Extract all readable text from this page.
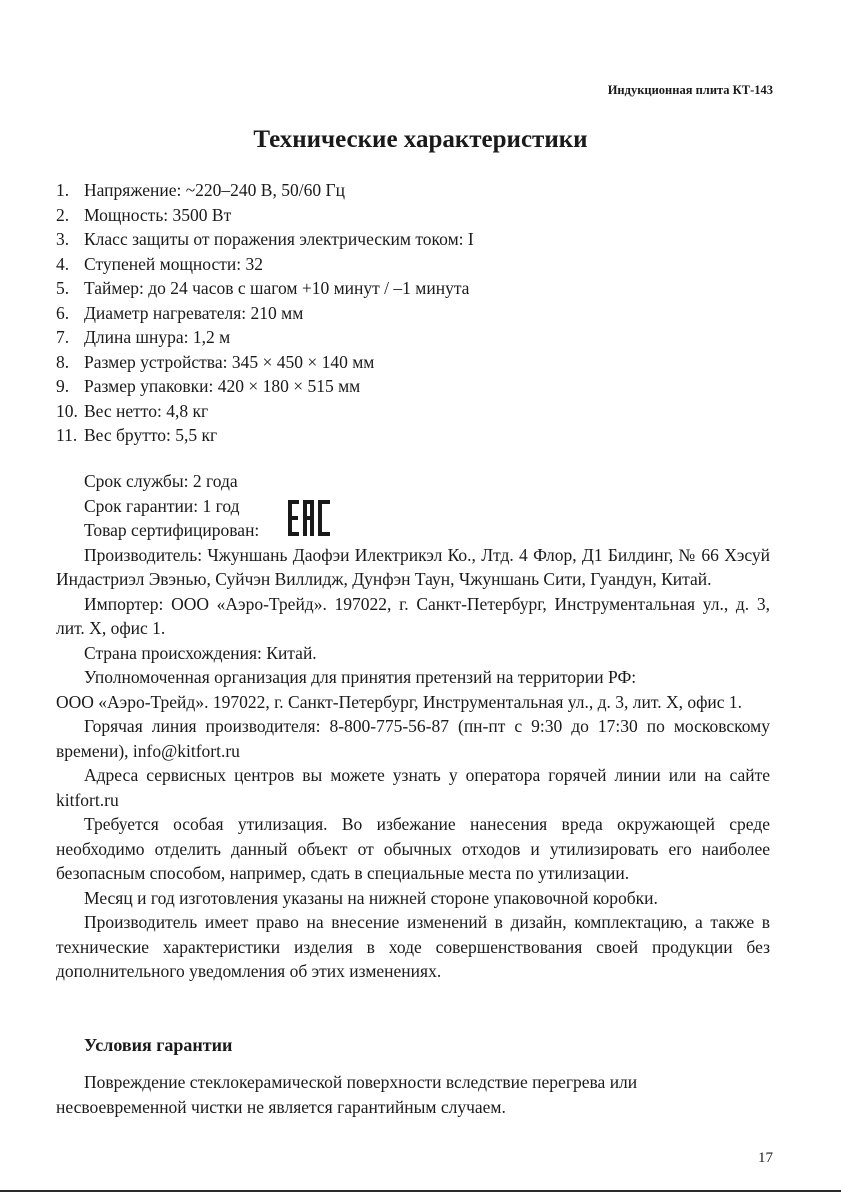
Индукционная плита КТ-143
Технические характеристики
1. Напряжение: ~220–240 В, 50/60 Гц
2. Мощность: 3500 Вт
3. Класс защиты от поражения электрическим током: I
4. Ступеней мощности: 32
5. Таймер: до 24 часов с шагом +10 минут / –1 минута
6. Диаметр нагревателя: 210 мм
7. Длина шнура: 1,2 м
8. Размер устройства: 345 × 450 × 140 мм
9. Размер упаковки: 420 × 180 × 515 мм
10. Вес нетто: 4,8 кг
11. Вес брутто: 5,5 кг
Срок службы: 2 года
Срок гарантии: 1 год
Товар сертифицирован:

Производитель: Чжуншань Даофэи Илектрикэл Ко., Лтд. 4 Флор, Д1 Билдинг, № 66 Хэсуй Индастриэл Эвэнью, Суйчэн Виллидж, Дунфэн Таун, Чжуншань Сити, Гуандун, Китай.

Импортер: ООО «Аэро-Трейд». 197022, г. Санкт-Петербург, Инструментальная ул., д. 3, лит. Х, офис 1.

Страна происхождения: Китай.

Уполномоченная организация для принятия претензий на территории РФ:

ООО «Аэро-Трейд». 197022, г. Санкт-Петербург, Инструментальная ул., д. 3, лит. Х, офис 1.

Горячая линия производителя: 8-800-775-56-87 (пн-пт с 9:30 до 17:30 по московскому времени), info@kitfort.ru

Адреса сервисных центров вы можете узнать у оператора горячей линии или на сайте kitfort.ru

Требуется особая утилизация. Во избежание нанесения вреда окружающей среде необходимо отделить данный объект от обычных отходов и утилизировать его наиболее безопасным способом, например, сдать в специальные места по утилизации.

Месяц и год изготовления указаны на нижней стороне упаковочной коробки.

Производитель имеет право на внесение изменений в дизайн, комплектацию, а также в технические характеристики изделия в ходе совершенствования своей продукции без дополнительного уведомления об этих изменениях.

Условия гарантии

Повреждение стеклокерамической поверхности вследствие перегрева или несвоевременной чистки не является гарантийным случаем.

17
